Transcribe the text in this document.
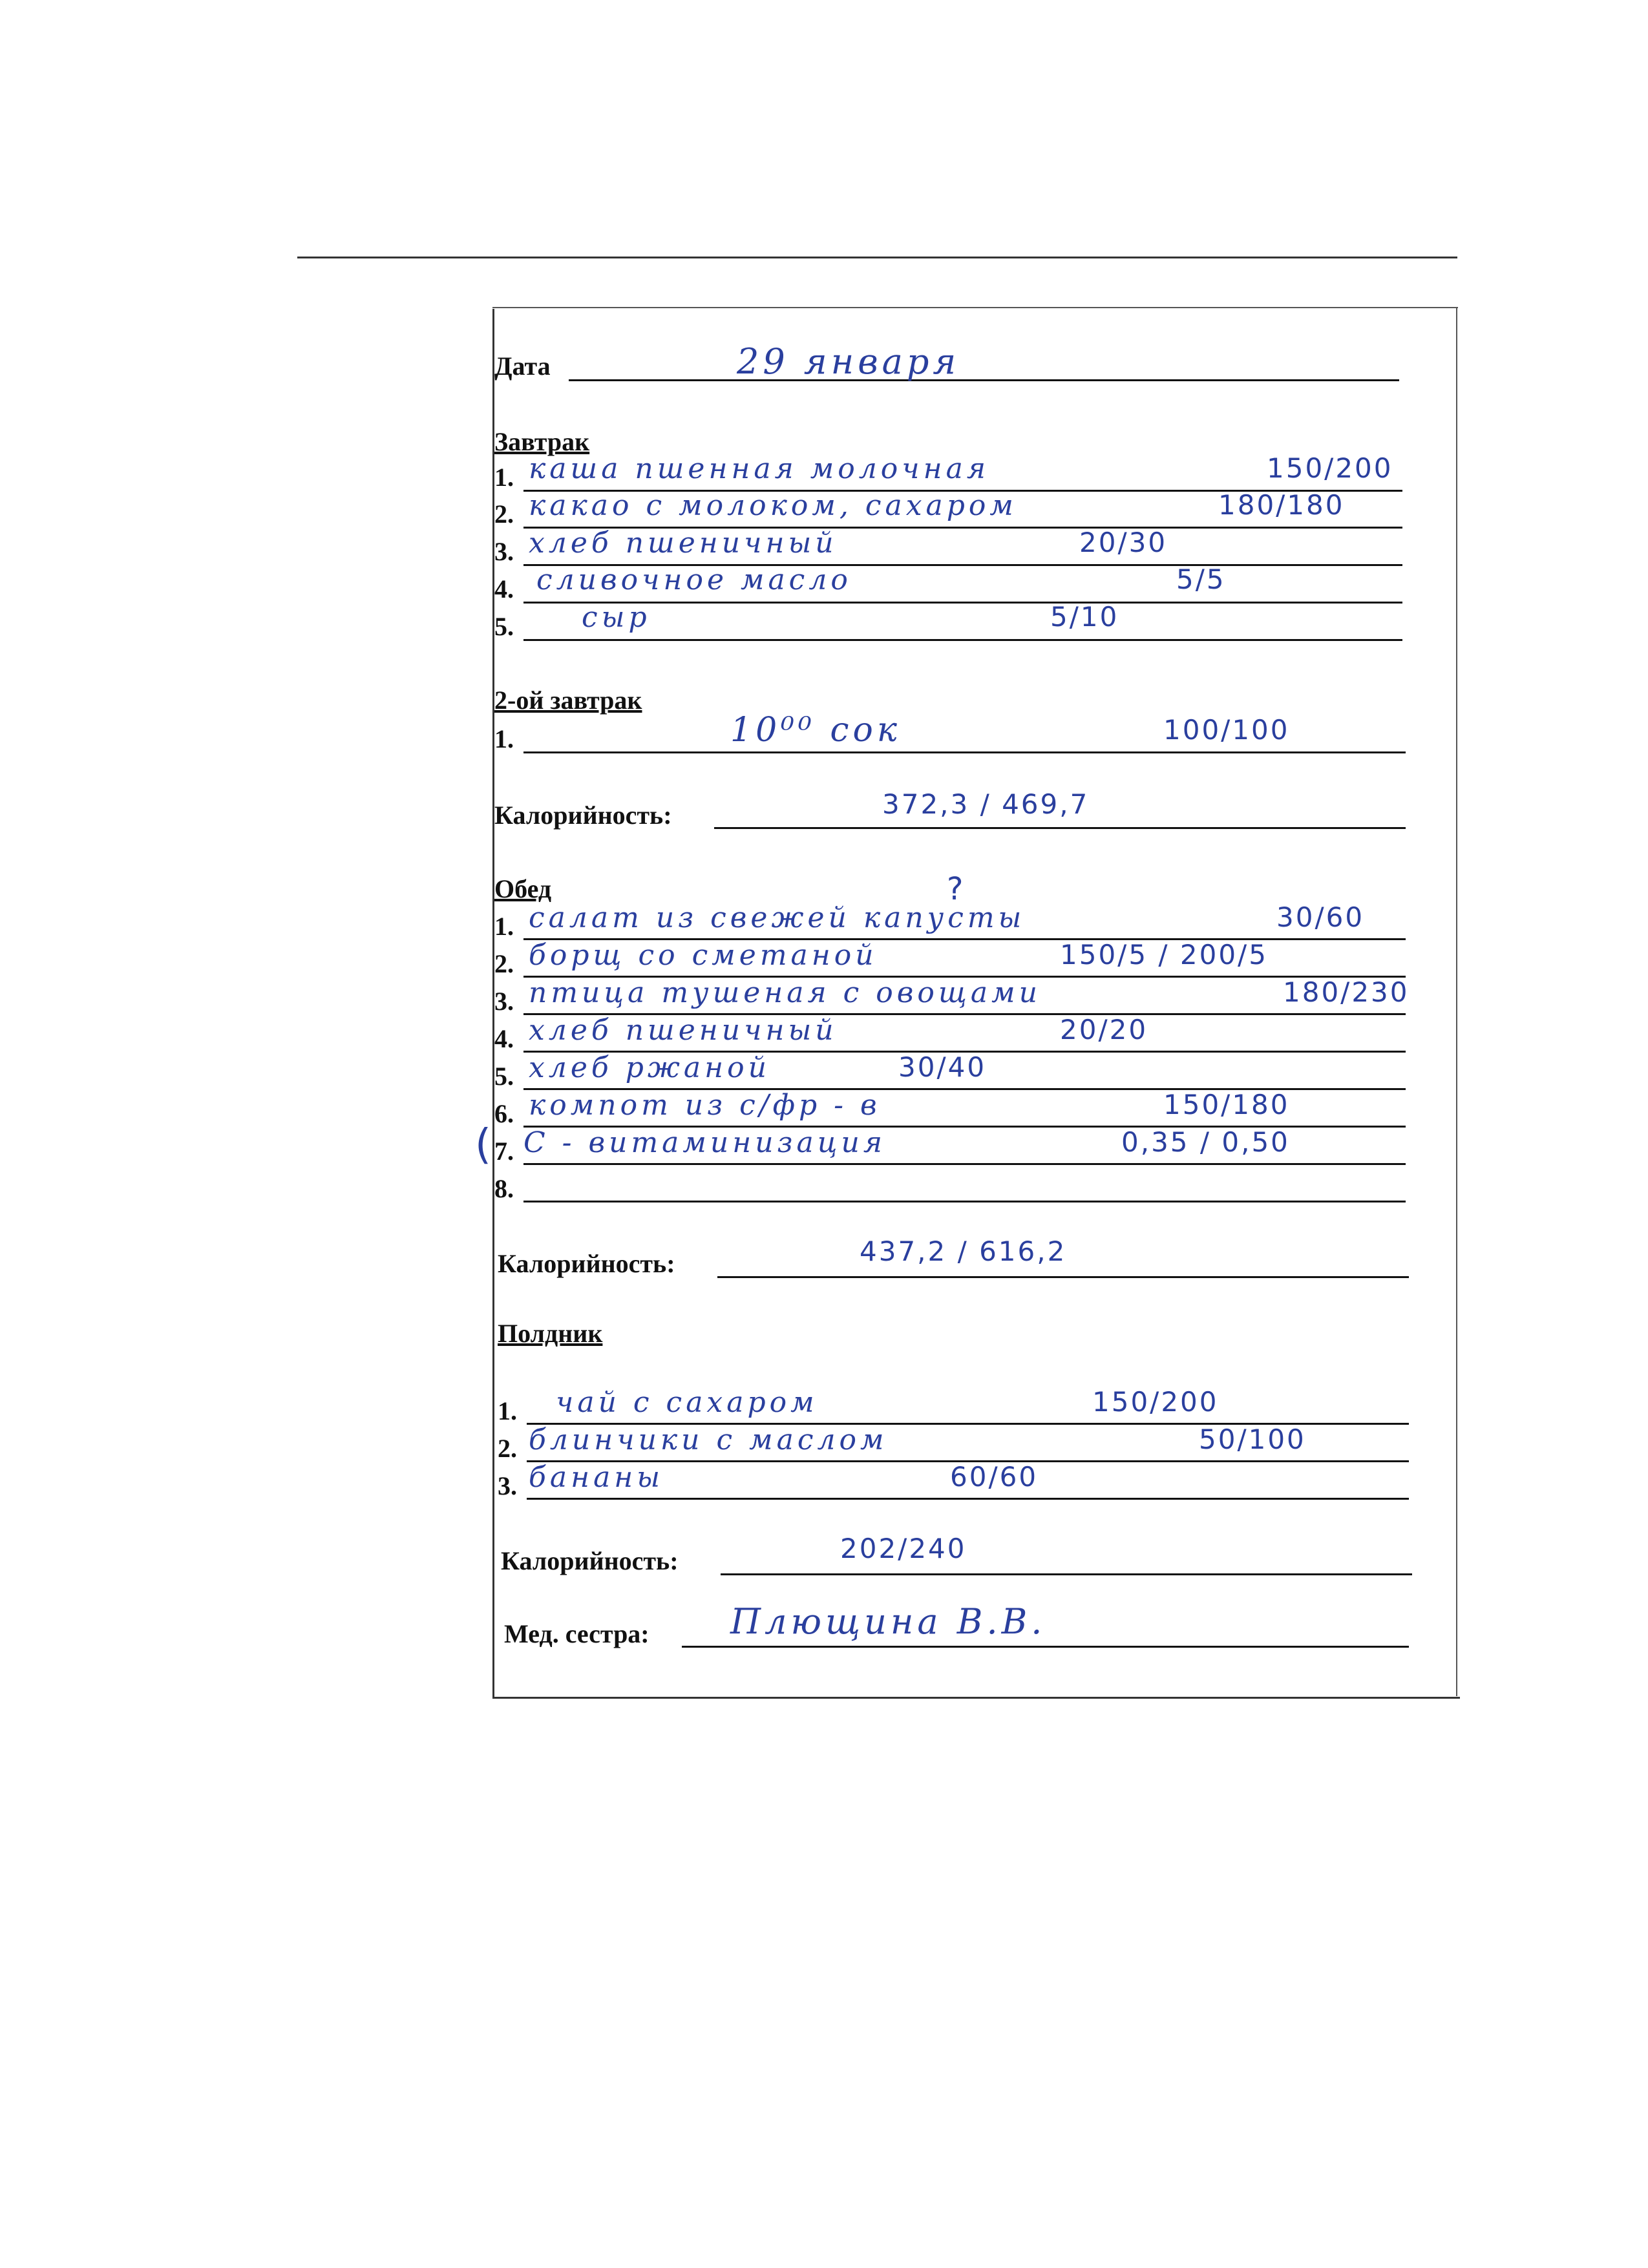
Дата	29 января
Завтрак
1. каша пшенная молочная	150/200
2. какао с молоком, сахаром	180/180
3. хлеб пшеничный	20/30
4. сливочное масло	5/5
5. сыр	5/10
2-ой завтрак
1.	10⁰⁰ сок	100/100
Калорийность:	372,3 / 469,7
Обед
1. салат из свежей капусты	30/60
?
2. борщ со сметаной	150/5 / 200/5
3. птица тушеная с овощами	180/230
4. хлеб пшеничный	20/20
5. хлеб ржаной	30/40
6. компот из с/фр - в	150/180
7. С - витаминизация	0,35 / 0,50
(
8.
Калорийность:	437,2 / 616,2
Полдник
1. чай с сахаром	150/200
2. блинчики с маслом	50/100
3. бананы	60/60
Калорийность:	202/240
Мед. сестра: Плющина В.В.
